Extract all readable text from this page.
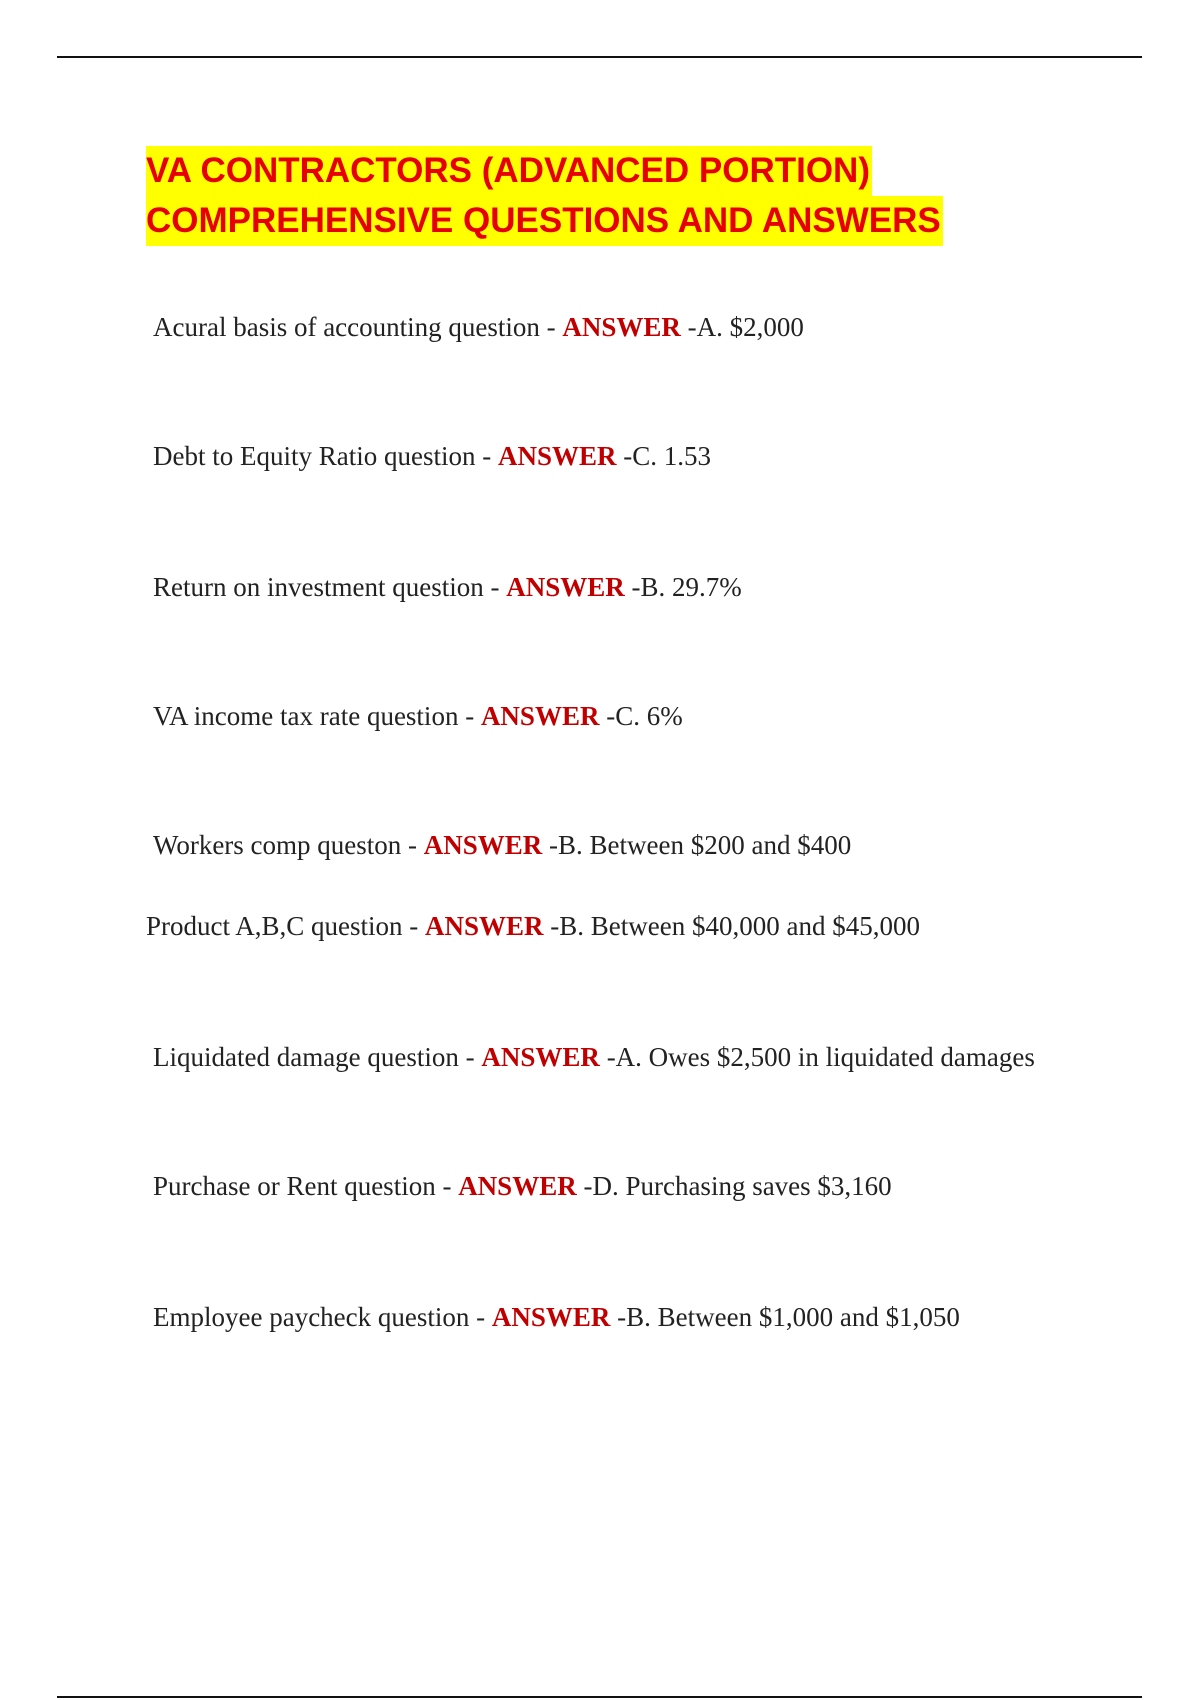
VA CONTRACTORS (ADVANCED PORTION)
COMPREHENSIVE QUESTIONS AND ANSWERS
Acural basis of accounting question - ANSWER -A. $2,000
Debt to Equity Ratio question - ANSWER -C. 1.53
Return on investment question - ANSWER -B. 29.7%
VA income tax rate question - ANSWER -C. 6%
Workers comp queston - ANSWER -B. Between $200 and $400
Product A,B,C question - ANSWER -B. Between $40,000 and $45,000
Liquidated damage question - ANSWER -A. Owes $2,500 in liquidated damages
Purchase or Rent question - ANSWER -D. Purchasing saves $3,160
Employee paycheck question - ANSWER -B. Between $1,000 and $1,050
